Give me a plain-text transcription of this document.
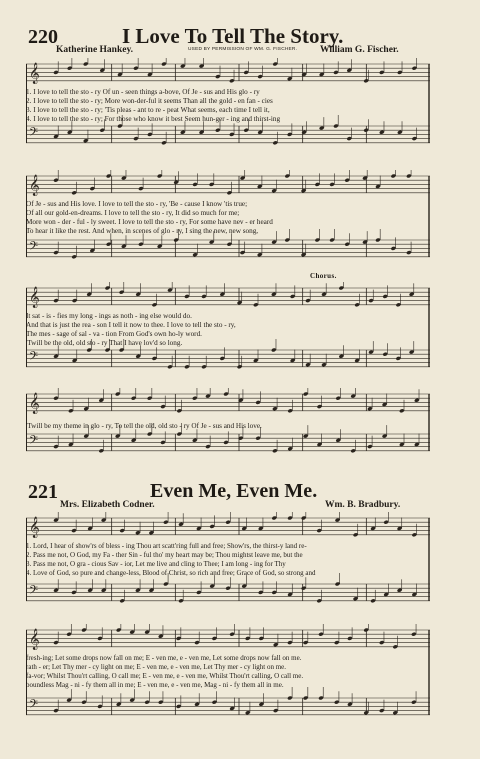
220	I Love To Tell The Story.
Katherine Hankey.	USED BY PERMISSION OF WM. G. FISCHER. William G. Fischer.
𝄞
𝄢
1. I love to tell the sto - ry Of un - seen things a-bove, Of Je - sus and His glo - ry
2. I love to tell the sto - ry; More won-der-ful it seems Than all the gold - en fan - cies
3. I love to tell the sto - ry; 'Tis pleas - ant to re - peat What seems, each time I tell it,
4. I love to tell the sto - ry; For those who know it best Seem hun-ger - ing and thirst-ing
𝄞
𝄢
Of Je - sus and His love. I love to tell the sto - ry, 'Be - cause I know 'tis true;
Of all our gold-en-dreams. I love to tell the sto - ry, It did so much for me;
More won - der - ful - ly sweet. I love to tell the sto - ry, For some have nev - er heard
To hear it like the rest. And when, in scenes of glo - ry, I sing the new, new song,
Chorus.
𝄞
𝄢
It sat - is - fies my long - ings as noth - ing else would do.
And that is just the rea - son I tell it now to thee. I love to tell the sto - ry,
The mes - sage of sal - va - tion From God's own ho-ly word.
'Twill be the old, old sto - ry That I have lov'd so long.
𝄞
𝄢
'Twill be my theme in glo - ry, To tell the old, old sto - ry Of Je - sus and His love.
221	Even Me, Even Me.
Mrs. Elizabeth Codner.	Wm. B. Bradbury.
𝄞
𝄢
1. Lord, I hear of show'rs of bless - ing Thou art scatt'ring full and free; Show'rs, the thirst-y land re-
2. Pass me not, O God, my Fa - ther Sin - ful tho' my heart may be; Thou mightst leave me, but the
3. Pass me not, O gra - cious Sav - ior, Let me live and cling to Thee; I am long - ing for Thy
4. Love of God, so pure and change-less, Blood of Christ, so rich and free; Grace of God, so strong and
𝄞
𝄢
fresh-ing; Let some drops now fall on me; E - ven me, e - ven me, Let some drops now fall on me.
rath - er; Let Thy mer - cy light on me; E - ven me, e - ven me, Let Thy mer - cy light on me.
fa-vor; Whilst Thou'rt calling, O call me; E - ven me, e - ven me, Whilst Thou'rt calling, O call me.
boundless Mag - ni - fy them all in me; E - ven me, e - ven me, Mag - ni - fy them all in me.
